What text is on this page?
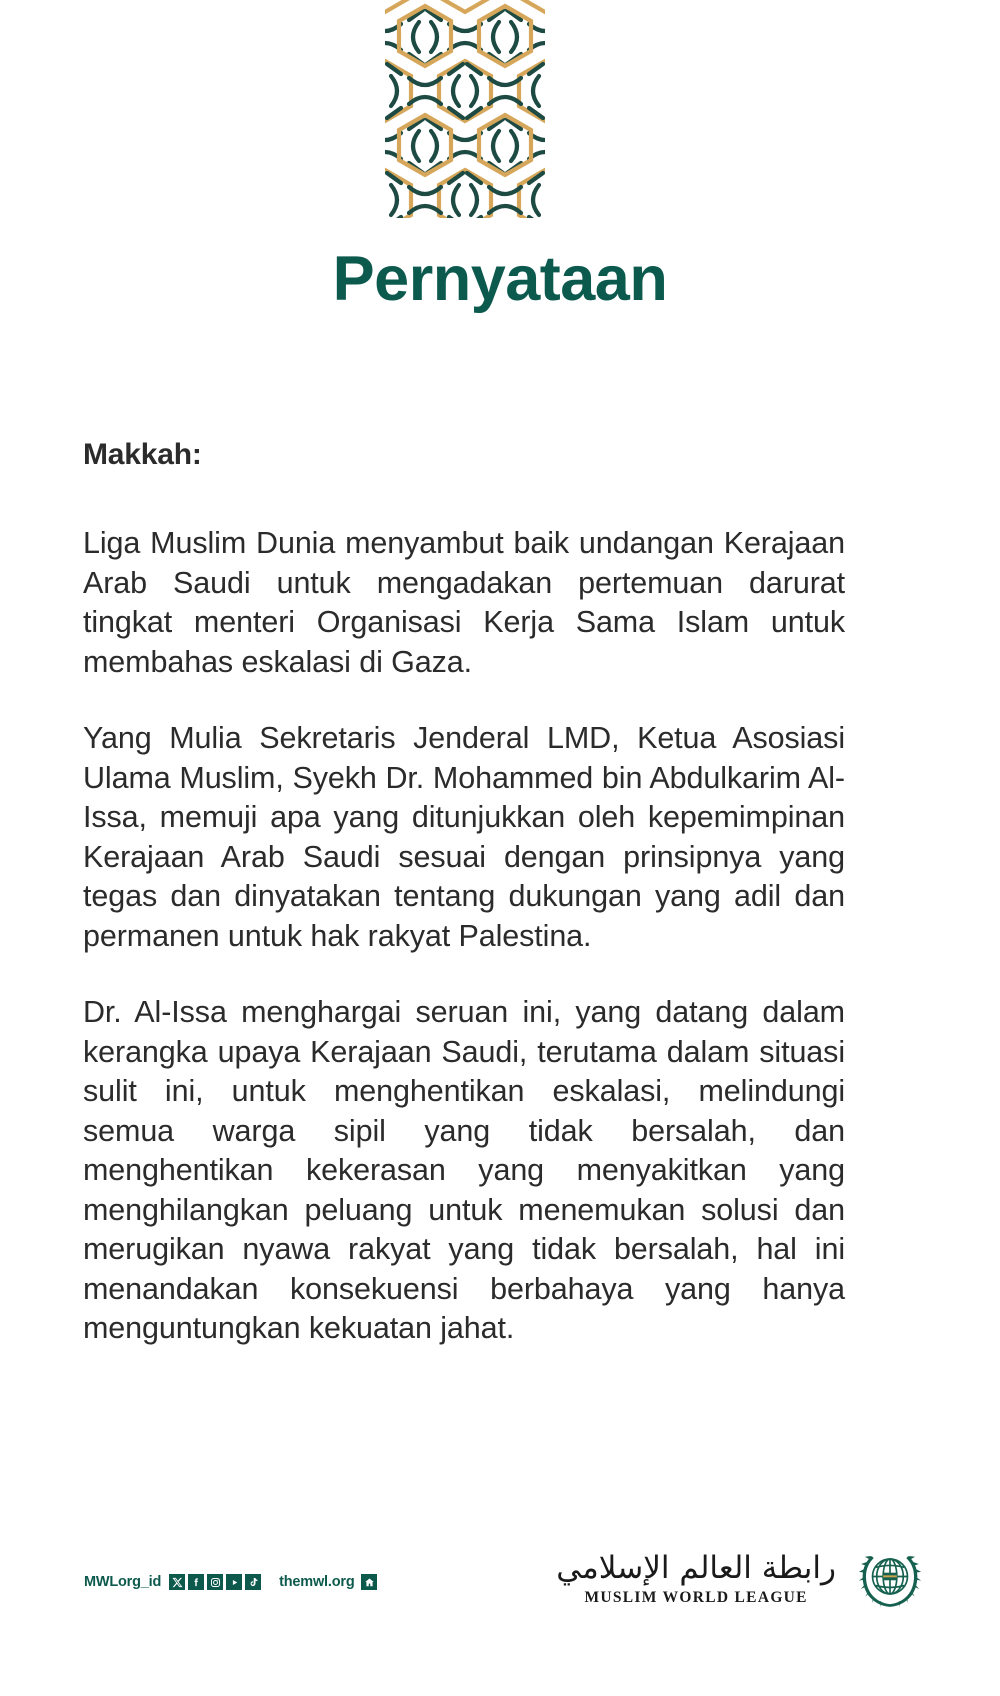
Pernyataan
Makkah:

Liga Muslim Dunia menyambut baik undangan Kerajaan Arab Saudi untuk mengadakan pertemuan darurat tingkat menteri Organisasi Kerja Sama Islam untuk membahas eskalasi di Gaza.

Yang Mulia Sekretaris Jenderal LMD, Ketua Asosiasi Ulama Muslim, Syekh Dr. Mohammed bin Abdulkarim Al-Issa, memuji apa yang ditunjukkan oleh kepemimpinan Kerajaan Arab Saudi sesuai dengan prinsipnya yang tegas dan dinyatakan tentang dukungan yang adil dan permanen untuk hak rakyat Palestina.

Dr. Al-Issa menghargai seruan ini, yang datang dalam kerangka upaya Kerajaan Saudi, terutama dalam situasi sulit ini, untuk menghentikan eskalasi, melindungi semua warga sipil yang tidak bersalah, dan menghentikan kekerasan yang menyakitkan yang menghilangkan peluang untuk menemukan solusi dan merugikan nyawa rakyat yang tidak bersalah, hal ini menandakan konsekuensi berbahaya yang hanya menguntungkan kekuatan jahat.

MWLorg_id	themwl.org	رابطة العالم الإسلامي
MUSLIM WORLD LEAGUE
